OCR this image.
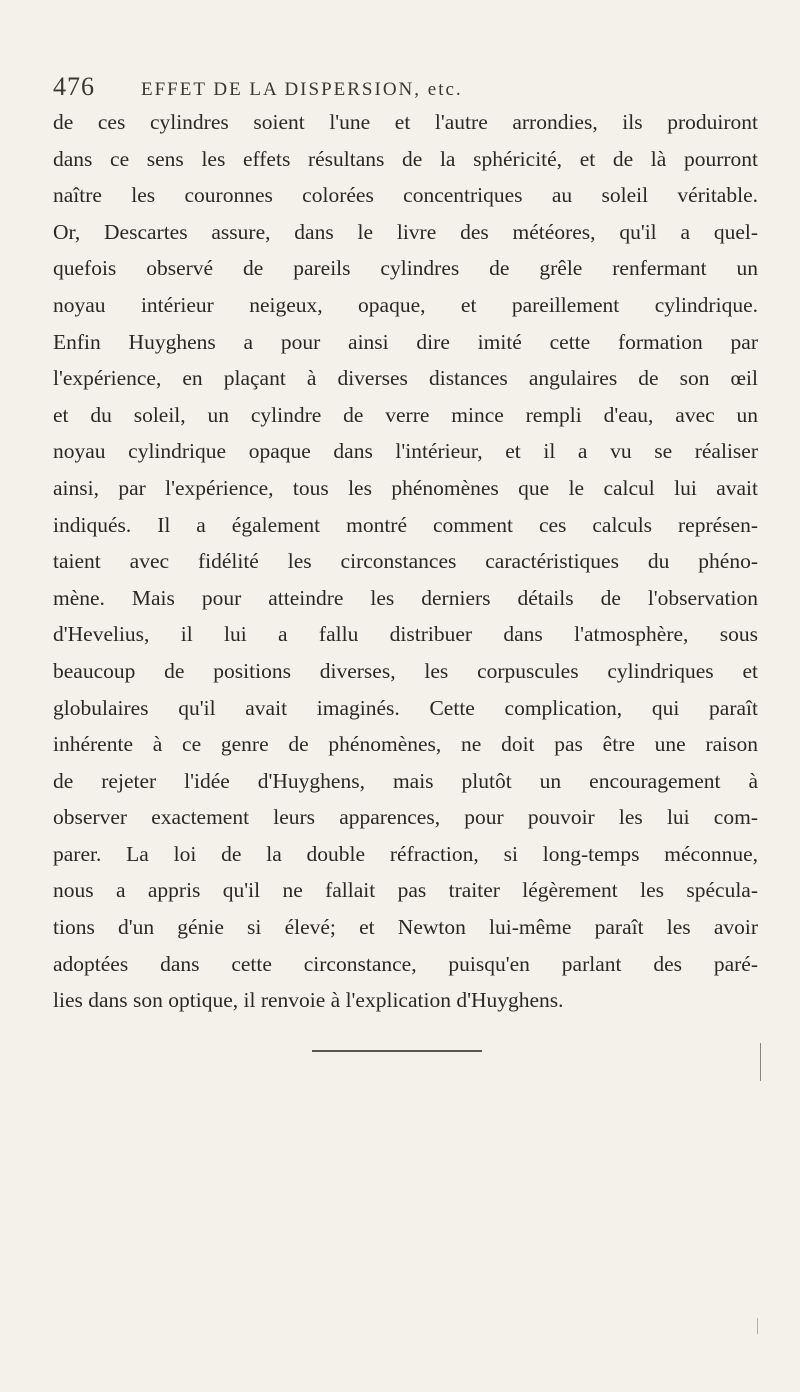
476 EFFET DE LA DISPERSION, etc.
de ces cylindres soient l'une et l'autre arrondies, ils produiront
dans ce sens les effets résultans de la sphéricité, et de là pourront
naître les couronnes colorées concentriques au soleil véritable.
Or, Descartes assure, dans le livre des météores, qu'il a quel-
quefois observé de pareils cylindres de grêle renfermant un
noyau intérieur neigeux, opaque, et pareillement cylindrique.
Enfin Huyghens a pour ainsi dire imité cette formation par
l'expérience, en plaçant à diverses distances angulaires de son œil
et du soleil, un cylindre de verre mince rempli d'eau, avec un
noyau cylindrique opaque dans l'intérieur, et il a vu se réaliser
ainsi, par l'expérience, tous les phénomènes que le calcul lui avait
indiqués. Il a également montré comment ces calculs représen-
taient avec fidélité les circonstances caractéristiques du phéno-
mène. Mais pour atteindre les derniers détails de l'observation
d'Hevelius, il lui a fallu distribuer dans l'atmosphère, sous
beaucoup de positions diverses, les corpuscules cylindriques et
globulaires qu'il avait imaginés. Cette complication, qui paraît
inhérente à ce genre de phénomènes, ne doit pas être une raison
de rejeter l'idée d'Huyghens, mais plutôt un encouragement à
observer exactement leurs apparences, pour pouvoir les lui com-
parer. La loi de la double réfraction, si long-temps méconnue,
nous a appris qu'il ne fallait pas traiter légèrement les spécula-
tions d'un génie si élevé; et Newton lui-même paraît les avoir
adoptées dans cette circonstance, puisqu'en parlant des paré-
lies dans son optique, il renvoie à l'explication d'Huyghens.
